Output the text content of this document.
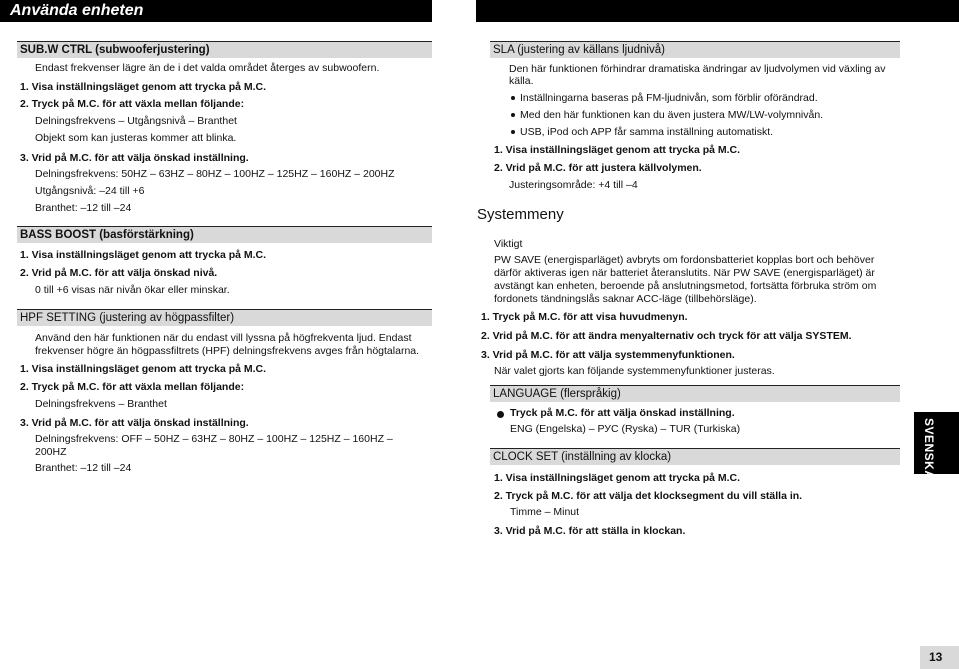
Använda enheten
SUB.W CTRL (subwooferjustering)

Endast frekvenser lägre än de i det valda området återges av subwoofern.

1. Visa inställningsläget genom att trycka på M.C.

2. Tryck på M.C. för att växla mellan följande:

Delningsfrekvens – Utgångsnivå – Branthet

Objekt som kan justeras kommer att blinka.

3. Vrid på M.C. för att välja önskad inställning.

Delningsfrekvens: 50HZ – 63HZ – 80HZ – 100HZ – 125HZ – 160HZ – 200HZ

Utgångsnivå: –24 till +6

Branthet: –12 till –24

BASS BOOST (basförstärkning)

1. Visa inställningsläget genom att trycka på M.C.

2. Vrid på M.C. för att välja önskad nivå.

0 till +6 visas när nivån ökar eller minskar.

HPF SETTING (justering av högpassfilter)

Använd den här funktionen när du endast vill lyssna på högfrekventa ljud. Endast

frekvenser högre än högpassfiltrets (HPF) delningsfrekvens avges från högtalarna.

1. Visa inställningsläget genom att trycka på M.C.

2. Tryck på M.C. för att växla mellan följande:

Delningsfrekvens – Branthet

3. Vrid på M.C. för att välja önskad inställning.

Delningsfrekvens: OFF – 50HZ – 63HZ – 80HZ – 100HZ – 125HZ – 160HZ –

200HZ

Branthet: –12 till –24

SLA (justering av källans ljudnivå)

Den här funktionen förhindrar dramatiska ändringar av ljudvolymen vid växling av

källa.

Inställningarna baseras på FM-ljudnivån, som förblir oförändrad.

Med den här funktionen kan du även justera MW/LW-volymnivån.

USB, iPod och APP får samma inställning automatiskt.

1. Visa inställningsläget genom att trycka på M.C.

2. Vrid på M.C. för att justera källvolymen.

Justeringsområde: +4 till –4

Systemmeny

Viktigt

PW SAVE (energisparläget) avbryts om fordonsbatteriet kopplas bort och behöver

därför aktiveras igen när batteriet återanslutits. När PW SAVE (energisparläget) är

avstängt kan enheten, beroende på anslutningsmetod, fortsätta förbruka ström om

fordonets tändningslås saknar ACC-läge (tillbehörsläge).

1. Tryck på M.C. för att visa huvudmenyn.

2. Vrid på M.C. för att ändra menyalternativ och tryck för att välja SYSTEM.

3. Vrid på M.C. för att välja systemmenyfunktionen.

När valet gjorts kan följande systemmenyfunktioner justeras.

LANGUAGE (flerspråkig)

Tryck på M.C. för att välja önskad inställning.

ENG (Engelska) – РУС (Ryska) – TUR (Turkiska)

CLOCK SET (inställning av klocka)

1. Visa inställningsläget genom att trycka på M.C.

2. Tryck på M.C. för att välja det klocksegment du vill ställa in.

Timme – Minut

3. Vrid på M.C. för att ställa in klockan.

SVENSKA
13
